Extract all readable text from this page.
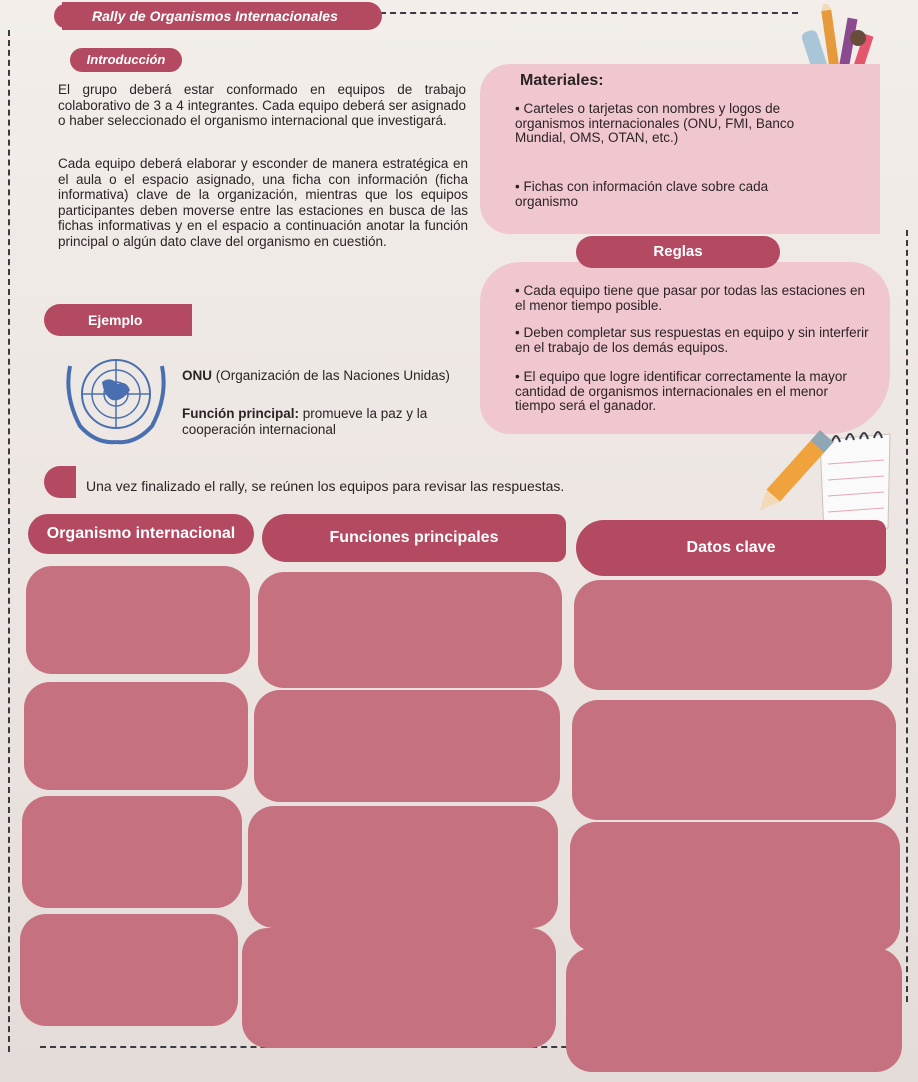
Rally de Organismos Internacionales
Introducción

El grupo deberá estar conformado en equipos de trabajo colaborativo de 3 a 4 integrantes. Cada equipo deberá ser asignado o haber seleccionado el organismo internacional que investigará.

Cada equipo deberá elaborar y esconder de manera estratégica en el aula o el espacio asignado, una ficha con información (ficha informativa) clave de la organización, mientras que los equipos participantes deben moverse entre las estaciones en busca de las fichas informativas y en el espacio a continuación anotar la función principal o algún dato clave del organismo en cuestión.

Materiales:
• Carteles o tarjetas con nombres y logos de organismos internacionales (ONU, FMI, Banco Mundial, OMS, OTAN, etc.)
• Fichas con información clave sobre cada organismo
Reglas
• Cada equipo tiene que pasar por todas las estaciones en el menor tiempo posible.
• Deben completar sus respuestas en equipo y sin interferir en el trabajo de los demás equipos.
• El equipo que logre identificar correctamente la mayor cantidad de organismos internacionales en el menor tiempo será el ganador.
Ejemplo
ONU (Organización de las Naciones Unidas)
Función principal: promueve la paz y la cooperación internacional
Una vez finalizado el rally, se reúnen los equipos para revisar las respuestas.
Organismo internacional	Funciones principales
Datos clave
